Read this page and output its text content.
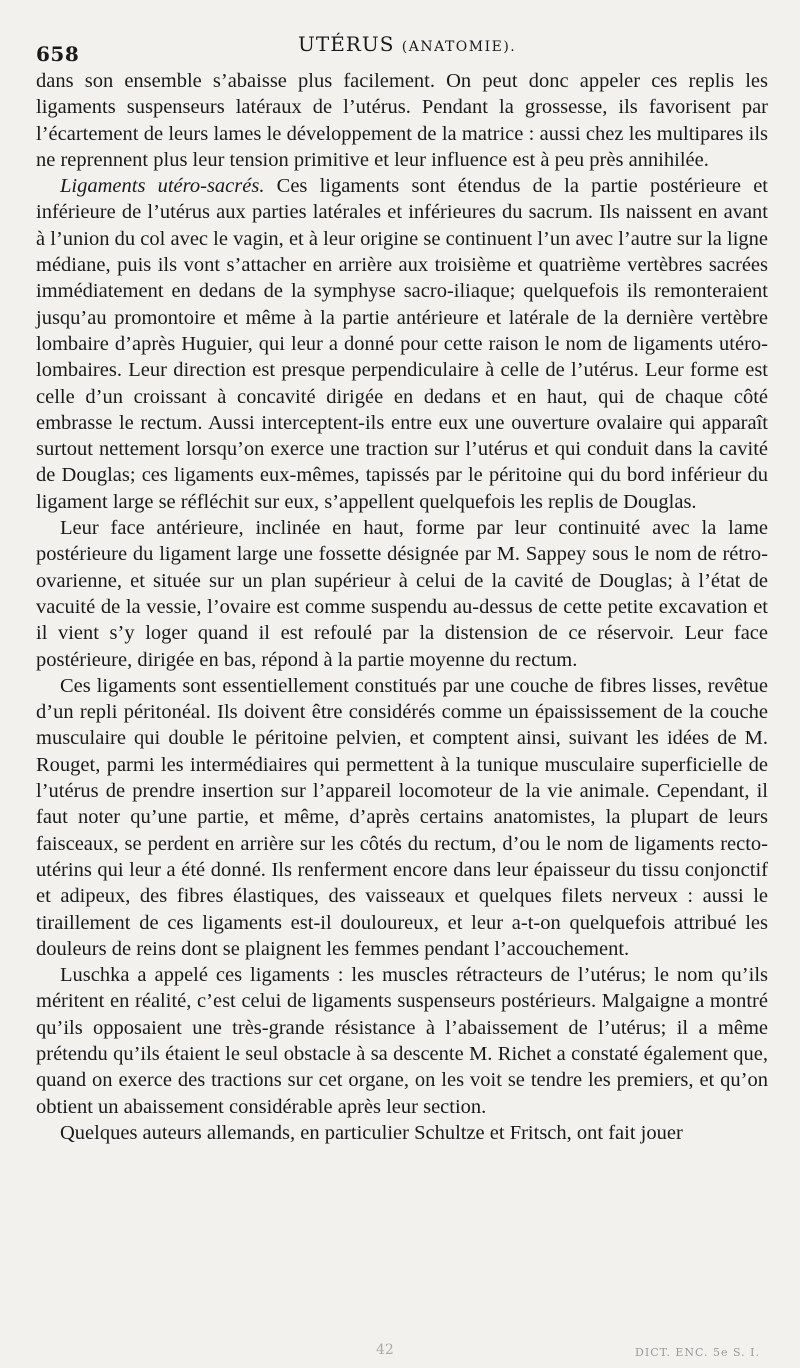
658	UTÉRUS (ANATOMIE).

dans son ensemble s’abaisse plus facilement. On peut donc appeler ces replis les ligaments suspenseurs latéraux de l’utérus. Pendant la grossesse, ils favorisent par l’écartement de leurs lames le développement de la matrice : aussi chez les multipares ils ne reprennent plus leur tension primitive et leur influence est à peu près annihilée.

Ligaments utéro-sacrés. Ces ligaments sont étendus de la partie postérieure et inférieure de l’utérus aux parties latérales et inférieures du sacrum. Ils naissent en avant à l’union du col avec le vagin, et à leur origine se continuent l’un avec l’autre sur la ligne médiane, puis ils vont s’attacher en arrière aux troisième et quatrième vertèbres sacrées immédiatement en dedans de la symphyse sacro-iliaque; quelquefois ils remonteraient jusqu’au promontoire et même à la partie antérieure et latérale de la dernière vertèbre lombaire d’après Huguier, qui leur a donné pour cette raison le nom de ligaments utéro-lombaires. Leur direction est presque perpendiculaire à celle de l’utérus. Leur forme est celle d’un croissant à concavité dirigée en dedans et en haut, qui de chaque côté embrasse le rectum. Aussi interceptent-ils entre eux une ouverture ovalaire qui apparaît surtout nettement lorsqu’on exerce une traction sur l’utérus et qui conduit dans la cavité de Douglas; ces ligaments eux-mêmes, tapissés par le péritoine qui du bord inférieur du ligament large se réfléchit sur eux, s’appellent quelquefois les replis de Douglas.

Leur face antérieure, inclinée en haut, forme par leur continuité avec la lame postérieure du ligament large une fossette désignée par M. Sappey sous le nom de rétro-ovarienne, et située sur un plan supérieur à celui de la cavité de Douglas; à l’état de vacuité de la vessie, l’ovaire est comme suspendu au-dessus de cette petite excavation et il vient s’y loger quand il est refoulé par la distension de ce réservoir. Leur face postérieure, dirigée en bas, répond à la partie moyenne du rectum.

Ces ligaments sont essentiellement constitués par une couche de fibres lisses, revêtue d’un repli péritonéal. Ils doivent être considérés comme un épaississement de la couche musculaire qui double le péritoine pelvien, et comptent ainsi, suivant les idées de M. Rouget, parmi les intermédiaires qui permettent à la tunique musculaire superficielle de l’utérus de prendre insertion sur l’appareil locomoteur de la vie animale. Cependant, il faut noter qu’une partie, et même, d’après certains anatomistes, la plupart de leurs faisceaux, se perdent en arrière sur les côtés du rectum, d’ou le nom de ligaments recto-utérins qui leur a été donné. Ils renferment encore dans leur épaisseur du tissu conjonctif et adipeux, des fibres élastiques, des vaisseaux et quelques filets nerveux : aussi le tiraillement de ces ligaments est-il douloureux, et leur a-t-on quelquefois attribué les douleurs de reins dont se plaignent les femmes pendant l’accouchement.

Luschka a appelé ces ligaments : les muscles rétracteurs de l’utérus; le nom qu’ils méritent en réalité, c’est celui de ligaments suspenseurs postérieurs. Malgaigne a montré qu’ils opposaient une très-grande résistance à l’abaissement de l’utérus; il a même prétendu qu’ils étaient le seul obstacle à sa descente M. Richet a constaté également que, quand on exerce des tractions sur cet organe, on les voit se tendre les premiers, et qu’on obtient un abaissement considérable après leur section.

Quelques auteurs allemands, en particulier Schultze et Fritsch, ont fait jouer

42	DICT. ENC. 5e S. I.
